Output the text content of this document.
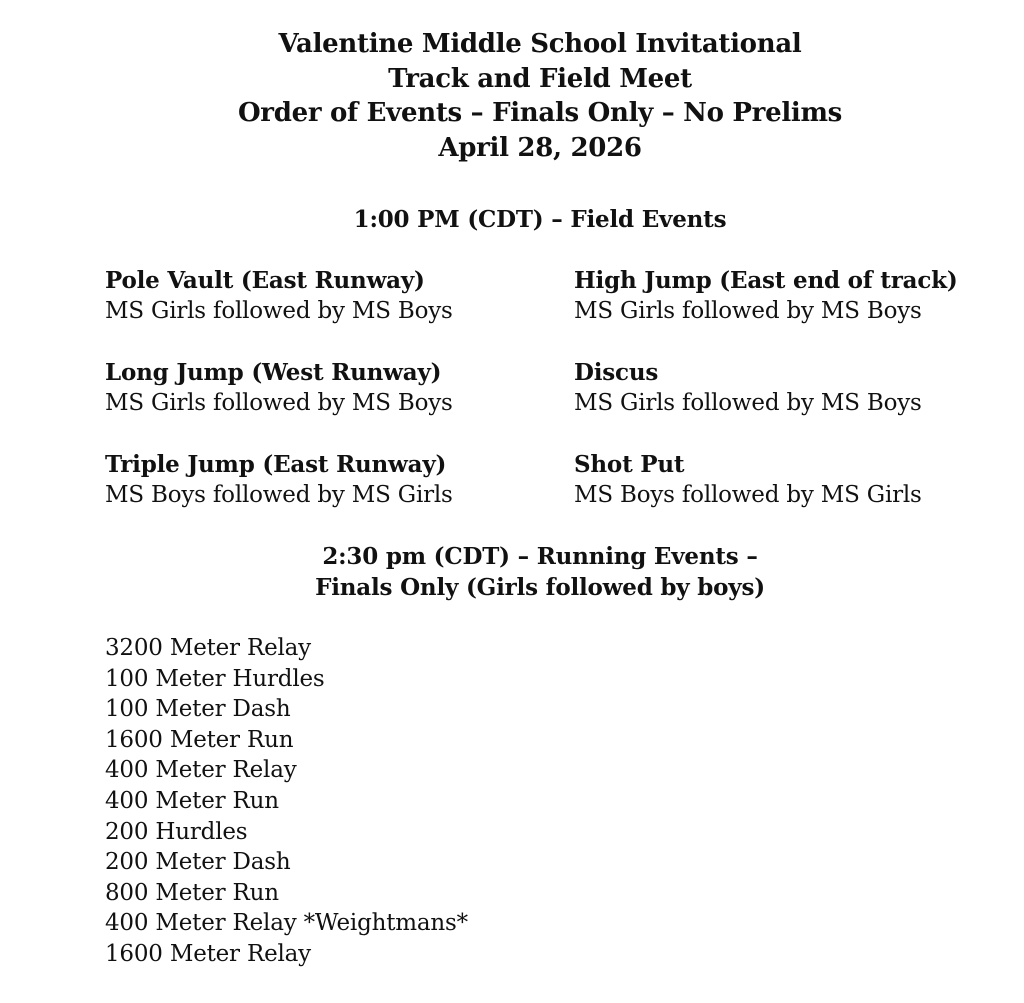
Valentine Middle School Invitational
Track and Field Meet
Order of Events – Finals Only – No Prelims
April 28, 2026
1:00 PM (CDT) – Field Events
Pole Vault (East Runway)
MS Girls followed by MS Boys
High Jump (East end of track)
MS Girls followed by MS Boys
Long Jump (West Runway)
MS Girls followed by MS Boys
Discus
MS Girls followed by MS Boys
Triple Jump (East Runway)
MS Boys followed by MS Girls
Shot Put
MS Boys followed by MS Girls
2:30 pm (CDT) – Running Events –
Finals Only (Girls followed by boys)
3200 Meter Relay
100 Meter Hurdles
100 Meter Dash
1600 Meter Run
400 Meter Relay
400 Meter Run
200 Hurdles
200 Meter Dash
800 Meter Run
400 Meter Relay *Weightmans*
1600 Meter Relay
